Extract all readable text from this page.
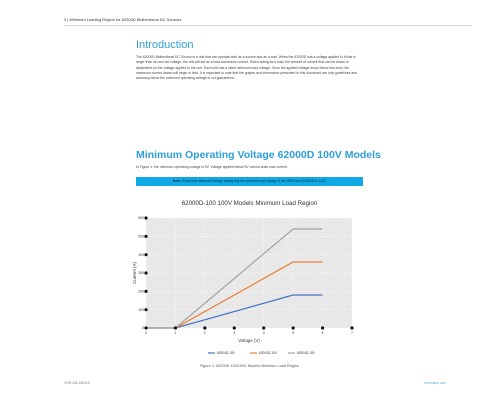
2 | Minimum Loading Region for 62000D Bidirectional DC Sources
Introduction
The 62000D Bidirectional DC Source is a unit that can operate both as a source and as a load. When the 62000D has a voltage applied to it that is larger than its own set voltage, the unit will act as a load and draws current. When acting as a load, the amount of current that can be drawn is dependent on the voltage applied to the unit. Each unit has a rated minimum load voltage. Once the applied voltage drops below this level, the maximum current drawn will begin to limit. It is important to note that the graphs and information presented in this document are only guidelines and accuracy below the minimum operating voltage is not guaranteed.
Minimum Operating Voltage 62000D 100V Models
In Figure 1, the minimum operating voltage is 5V. Voltage applied below 5V cannot draw max current.
Note: If load was observed through testing that the minimum load voltage of the 180V and 60/1800D is 4-5V.
62000D-100 100V Models Minimum Load Region
0
100
200
300
400
500
600
0	1	2	3	4	5	6	7
Voltage (V)
Current (A)
62000D-100	62000D-100	62000D-100
Figure 1: 62000D 100/100V Models Minimum Load Region
CHR-AN-150419	chromaus.com
